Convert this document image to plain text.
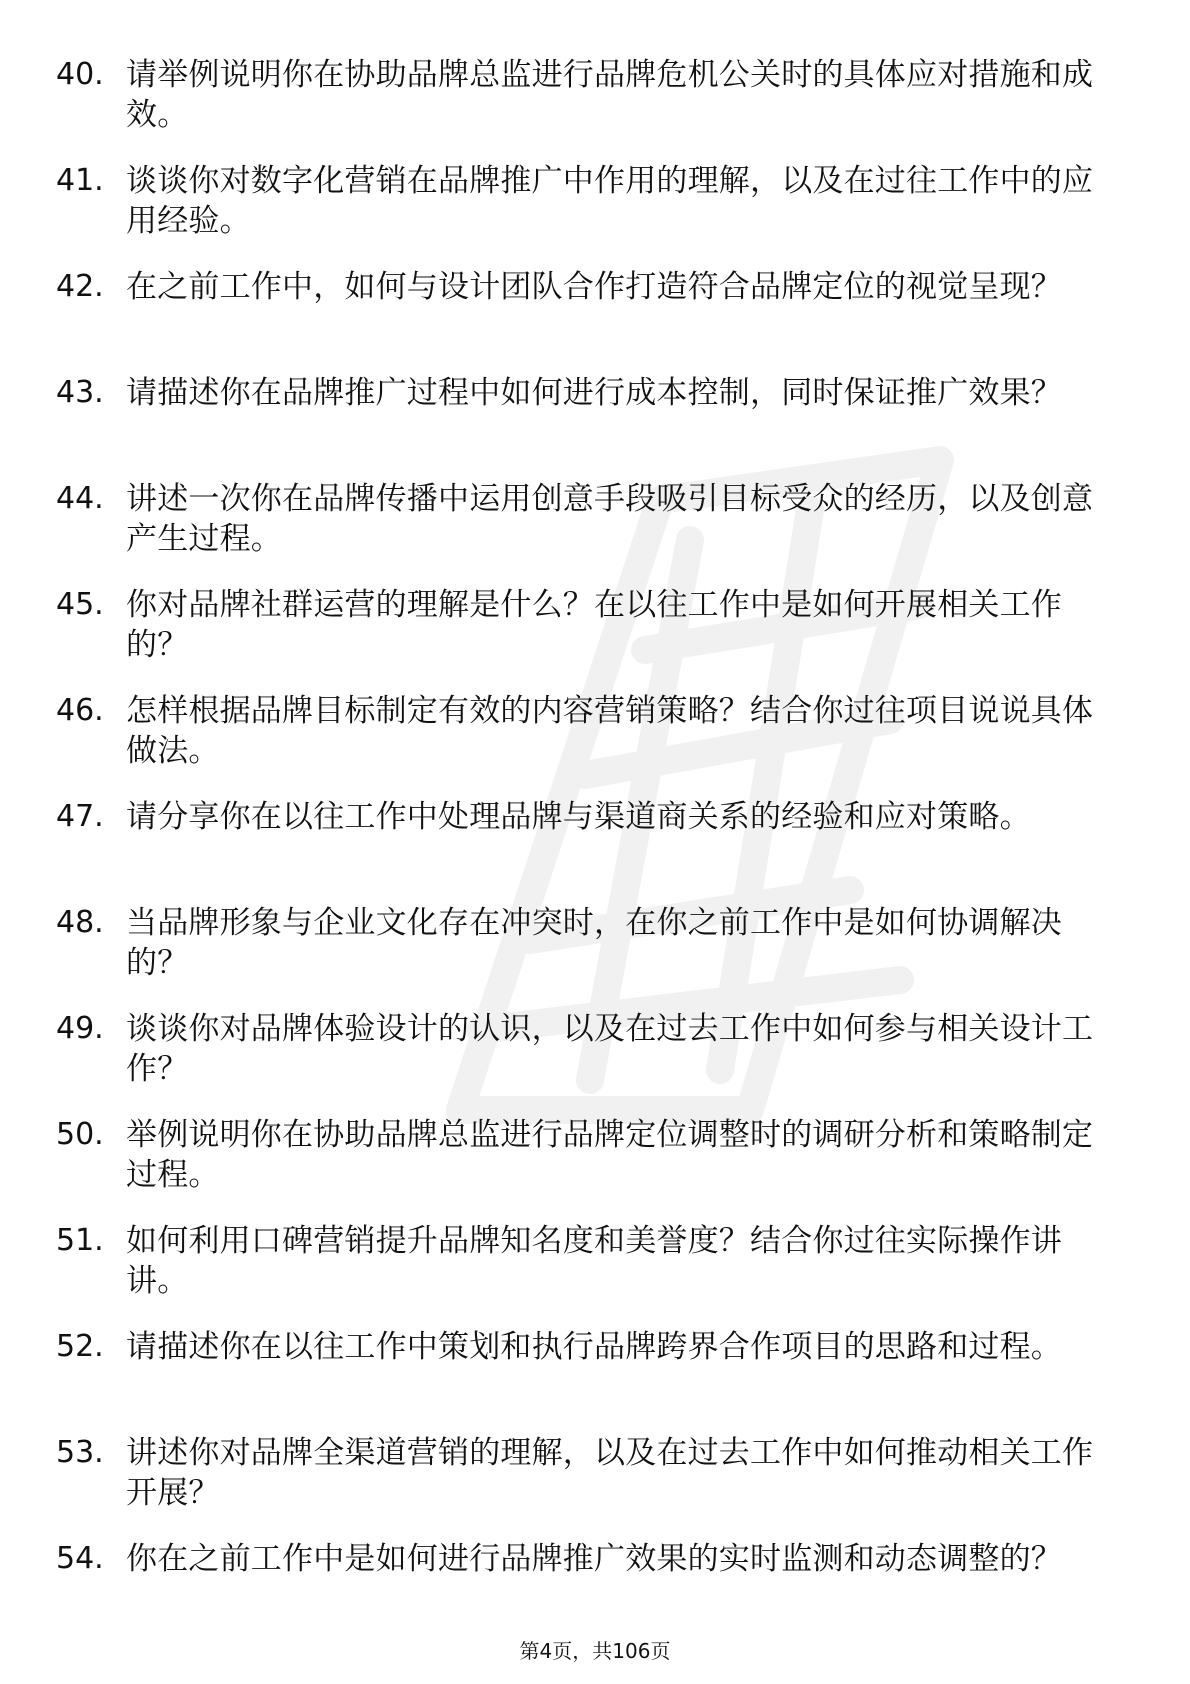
40. 请举例说明你在协助品牌总监进行品牌危机公关时的具体应对措施和成效。
41. 谈谈你对数字化营销在品牌推广中作用的理解，以及在过往工作中的应用经验。
42. 在之前工作中，如何与设计团队合作打造符合品牌定位的视觉呈现？
43. 请描述你在品牌推广过程中如何进行成本控制，同时保证推广效果？
44. 讲述一次你在品牌传播中运用创意手段吸引目标受众的经历，以及创意产生过程。
45. 你对品牌社群运营的理解是什么？在以往工作中是如何开展相关工作的？
46. 怎样根据品牌目标制定有效的内容营销策略？结合你过往项目说说具体做法。
47. 请分享你在以往工作中处理品牌与渠道商关系的经验和应对策略。
48. 当品牌形象与企业文化存在冲突时，在你之前工作中是如何协调解决的？
49. 谈谈你对品牌体验设计的认识，以及在过去工作中如何参与相关设计工作？
50. 举例说明你在协助品牌总监进行品牌定位调整时的调研分析和策略制定过程。
51. 如何利用口碑营销提升品牌知名度和美誉度？结合你过往实际操作讲讲。
52. 请描述你在以往工作中策划和执行品牌跨界合作项目的思路和过程。
53. 讲述你对品牌全渠道营销的理解，以及在过去工作中如何推动相关工作开展？
54. 你在之前工作中是如何进行品牌推广效果的实时监测和动态调整的？
第4页，共106页
